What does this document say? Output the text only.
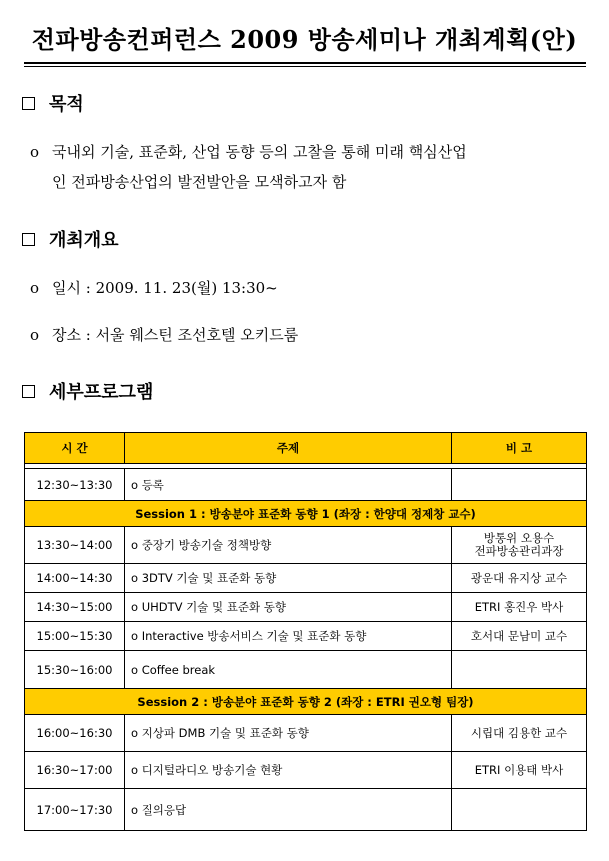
전파방송컨퍼런스 2009 방송세미나 개최계획(안)
목적
o 국내외 기술, 표준화, 산업 동향 등의 고찰을 통해 미래 핵심산업
인 전파방송산업의 발전발안을 모색하고자 함
개최개요
o 일시 : 2009. 11. 23(월) 13:30~
o 장소 : 서울 웨스틴 조선호텔 오키드룸
세부프로그램
시 간	주제	비 고

12:30~13:30	o 등록	
Session 1 : 방송분야 표준화 동향 1 (좌장 : 한양대 정제창 교수)		
13:30~14:00	o 중장기 방송기술 정책방향	방통위 오용수
전파방송관리과장

14:00~14:30	o 3DTV 기술 및 표준화 동향	광운대 유지상 교수
14:30~15:00	o UHDTV 기술 및 표준화 동향	ETRI 홍진우 박사
15:00~15:30	o Interactive 방송서비스 기술 및 표준화 동향	호서대 문남미 교수
15:30~16:00	o Coffee break	
Session 2 : 방송분야 표준화 동향 2 (좌장 : ETRI 권오형 팀장)		
16:00~16:30	o 지상파 DMB 기술 및 표준화 동향	시립대 김용한 교수
16:30~17:00	o 디지털라디오 방송기술 현황	ETRI 이용태 박사
17:00~17:30	o 질의응답	
